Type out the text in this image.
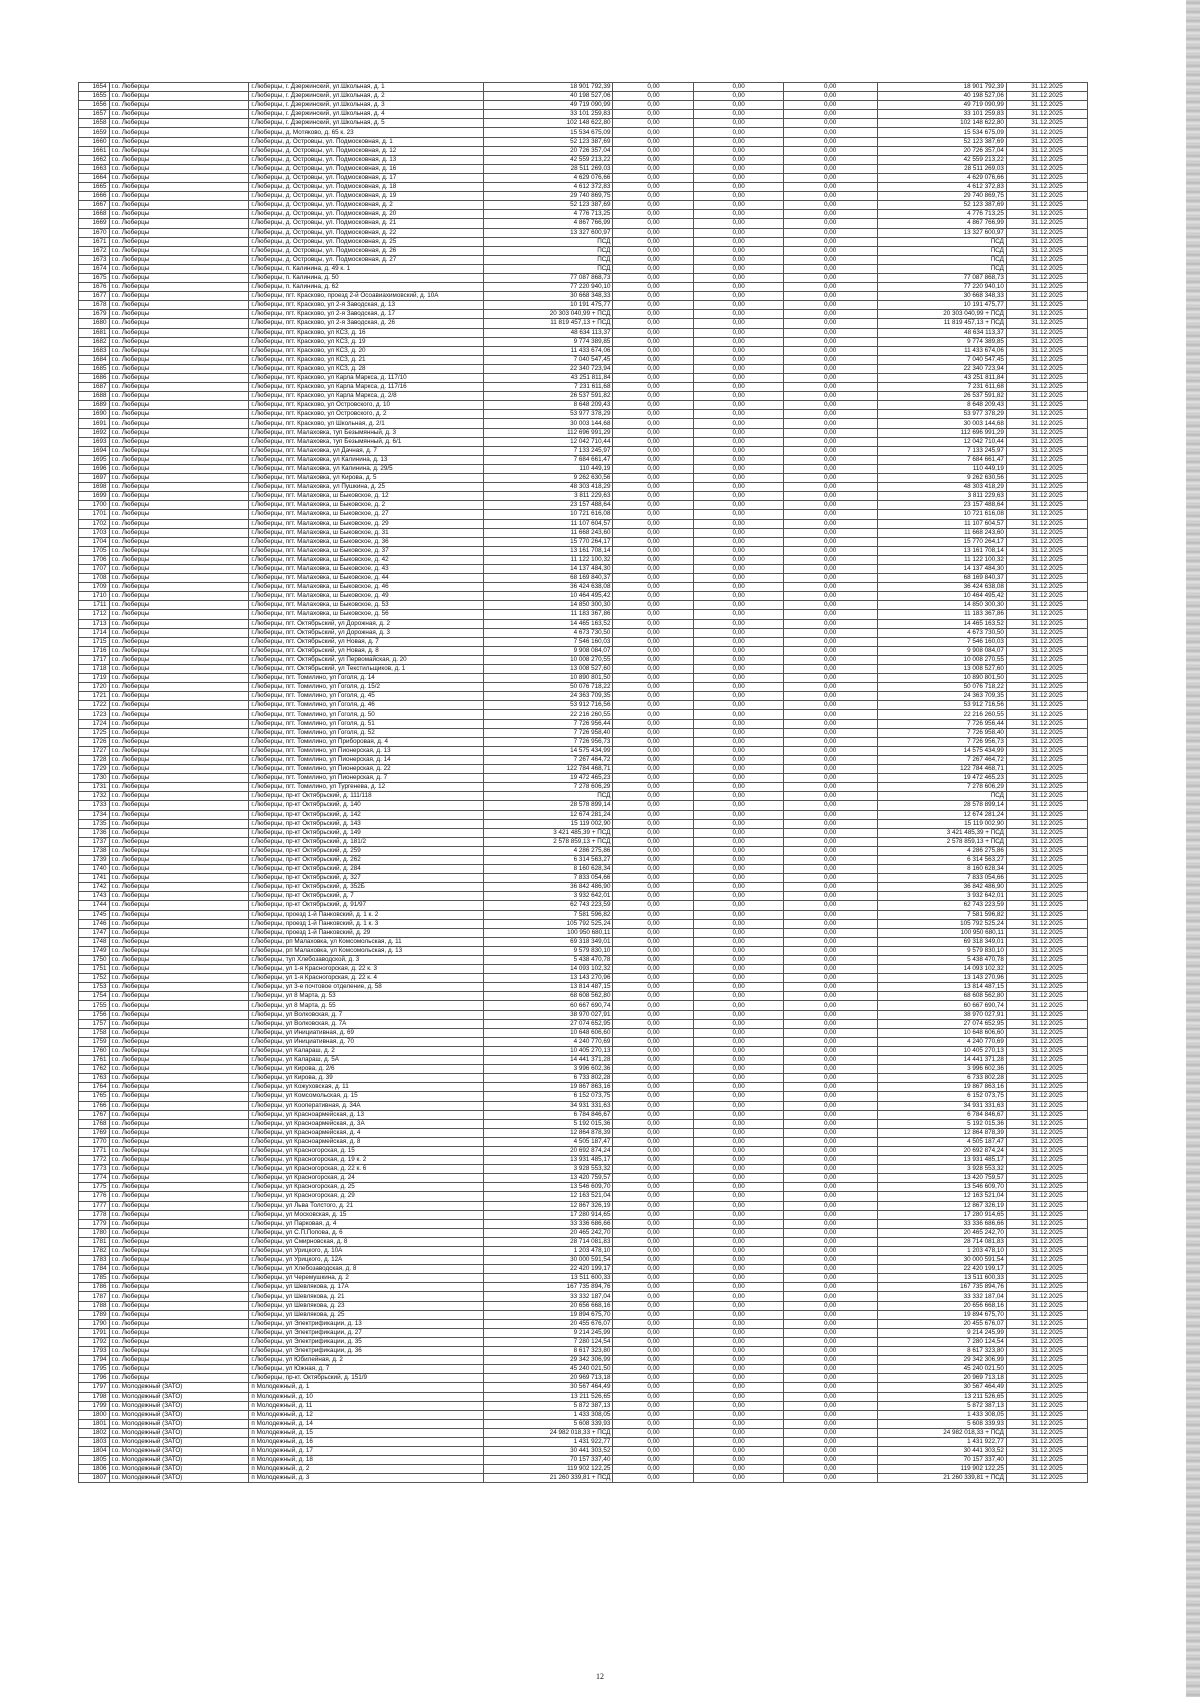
1654	г.о. Люберцы	г.Люберцы, г. Дзержинский, ул.Школьная, д. 1	18 901 792,39	0,00	0,00	0,00	18 901 792,39	31.12.2025
1655	г.о. Люберцы	г.Люберцы, г. Дзержинский, ул.Школьная, д. 2	40 198 527,06	0,00	0,00	0,00	40 198 527,06	31.12.2025
1656	г.о. Люберцы	г.Люберцы, г. Дзержинский, ул.Школьная, д. 3	49 719 090,99	0,00	0,00	0,00	49 719 090,99	31.12.2025
1657	г.о. Люберцы	г.Люберцы, г. Дзержинский, ул.Школьная, д. 4	33 101 259,83	0,00	0,00	0,00	33 101 259,83	31.12.2025
1658	г.о. Люберцы	г.Люберцы, г. Дзержинский, ул.Школьная, д. 5	102 148 622,80	0,00	0,00	0,00	102 148 622,80	31.12.2025
1659	г.о. Люберцы	г.Люберцы, д. Мотяково, д. 65 к. 23	15 534 675,09	0,00	0,00	0,00	15 534 675,09	31.12.2025
1660	г.о. Люберцы	г.Люберцы, д. Островцы, ул. Подмосковная, д. 1	52 123 387,69	0,00	0,00	0,00	52 123 387,69	31.12.2025
1661	г.о. Люберцы	г.Люберцы, д. Островцы, ул. Подмосковная, д. 12	20 726 357,04	0,00	0,00	0,00	20 726 357,04	31.12.2025
1662	г.о. Люберцы	г.Люберцы, д. Островцы, ул. Подмосковная, д. 13	42 559 213,22	0,00	0,00	0,00	42 559 213,22	31.12.2025
1663	г.о. Люберцы	г.Люберцы, д. Островцы, ул. Подмосковная, д. 16	28 511 269,03	0,00	0,00	0,00	28 511 269,03	31.12.2025
1664	г.о. Люберцы	г.Люберцы, д. Островцы, ул. Подмосковная, д. 17	4 629 076,66	0,00	0,00	0,00	4 629 076,66	31.12.2025
1665	г.о. Люберцы	г.Люберцы, д. Островцы, ул. Подмосковная, д. 18	4 612 372,83	0,00	0,00	0,00	4 612 372,83	31.12.2025
1666	г.о. Люберцы	г.Люберцы, д. Островцы, ул. Подмосковная, д. 19	29 740 869,75	0,00	0,00	0,00	29 740 869,75	31.12.2025
1667	г.о. Люберцы	г.Люберцы, д. Островцы, ул. Подмосковная, д. 2	52 123 387,69	0,00	0,00	0,00	52 123 387,69	31.12.2025
1668	г.о. Люберцы	г.Люберцы, д. Островцы, ул. Подмосковная, д. 20	4 776 713,25	0,00	0,00	0,00	4 776 713,25	31.12.2025
1669	г.о. Люберцы	г.Люберцы, д. Островцы, ул. Подмосковная, д. 21	4 867 766,99	0,00	0,00	0,00	4 867 766,99	31.12.2025
1670	г.о. Люберцы	г.Люберцы, д. Островцы, ул. Подмосковная, д. 22	13 327 600,97	0,00	0,00	0,00	13 327 600,97	31.12.2025
1671	г.о. Люберцы	г.Люберцы, д. Островцы, ул. Подмосковная, д. 25	ПСД	0,00	0,00	0,00	ПСД	31.12.2025
1672	г.о. Люберцы	г.Люберцы, д. Островцы, ул. Подмосковная, д. 26	ПСД	0,00	0,00	0,00	ПСД	31.12.2025
1673	г.о. Люберцы	г.Люберцы, д. Островцы, ул. Подмосковная, д. 27	ПСД	0,00	0,00	0,00	ПСД	31.12.2025
1674	г.о. Люберцы	г.Люберцы, п. Калинина, д. 49 к. 1	ПСД	0,00	0,00	0,00	ПСД	31.12.2025
1675	г.о. Люберцы	г.Люберцы, п. Калинина, д. 50	77 087 868,73	0,00	0,00	0,00	77 087 868,73	31.12.2025
1676	г.о. Люберцы	г.Люберцы, п. Калинина, д. 62	77 220 940,10	0,00	0,00	0,00	77 220 940,10	31.12.2025
1677	г.о. Люберцы	г.Люберцы, пгт. Красково, проезд 2-й Осоавиахимовский, д. 10А	30 668 348,33	0,00	0,00	0,00	30 668 348,33	31.12.2025
1678	г.о. Люберцы	г.Люберцы, пгт. Красково, ул 2-я Заводская, д. 13	10 191 475,77	0,00	0,00	0,00	10 191 475,77	31.12.2025
1679	г.о. Люберцы	г.Люберцы, пгт. Красково, ул 2-я Заводская, д. 17	20 303 040,99 + ПСД	0,00	0,00	0,00	20 303 040,99 + ПСД	31.12.2025
1680	г.о. Люберцы	г.Люберцы, пгт. Красково, ул 2-я Заводская, д. 26	11 819 457,13 + ПСД	0,00	0,00	0,00	11 819 457,13 + ПСД	31.12.2025
1681	г.о. Люберцы	г.Люберцы, пгт. Красково, ул КСЗ, д. 16	48 634 113,37	0,00	0,00	0,00	48 634 113,37	31.12.2025
1682	г.о. Люберцы	г.Люберцы, пгт. Красково, ул КСЗ, д. 19	9 774 389,85	0,00	0,00	0,00	9 774 389,85	31.12.2025
1683	г.о. Люберцы	г.Люберцы, пгт. Красково, ул КСЗ, д. 20	11 433 674,06	0,00	0,00	0,00	11 433 674,06	31.12.2025
1684	г.о. Люберцы	г.Люберцы, пгт. Красково, ул КСЗ, д. 21	7 040 547,45	0,00	0,00	0,00	7 040 547,45	31.12.2025
1685	г.о. Люберцы	г.Люберцы, пгт. Красково, ул КСЗ, д. 28	22 340 723,94	0,00	0,00	0,00	22 340 723,94	31.12.2025
1686	г.о. Люберцы	г.Люберцы, пгт. Красково, ул Карла Маркса, д. 117/10	43 251 811,84	0,00	0,00	0,00	43 251 811,84	31.12.2025
1687	г.о. Люберцы	г.Люберцы, пгт. Красково, ул Карла Маркса, д. 117/16	7 231 611,68	0,00	0,00	0,00	7 231 611,68	31.12.2025
1688	г.о. Люберцы	г.Люберцы, пгт. Красково, ул Карла Маркса, д. 2/8	26 537 591,82	0,00	0,00	0,00	26 537 591,82	31.12.2025
1689	г.о. Люберцы	г.Люберцы, пгт. Красково, ул Островского, д. 10	8 648 209,43	0,00	0,00	0,00	8 648 209,43	31.12.2025
1690	г.о. Люберцы	г.Люберцы, пгт. Красково, ул Островского, д. 2	53 977 378,29	0,00	0,00	0,00	53 977 378,29	31.12.2025
1691	г.о. Люберцы	г.Люберцы, пгт. Красково, ул Школьная, д. 2/1	30 003 144,68	0,00	0,00	0,00	30 003 144,68	31.12.2025
1692	г.о. Люберцы	г.Люберцы, пгт. Малаховка, туп Безымянный, д. 3	112 696 991,29	0,00	0,00	0,00	112 696 991,29	31.12.2025
1693	г.о. Люберцы	г.Люберцы, пгт. Малаховка, туп Безымянный, д. 6/1	12 042 710,44	0,00	0,00	0,00	12 042 710,44	31.12.2025
1694	г.о. Люберцы	г.Люберцы, пгт. Малаховка, ул Дачная, д. 7	7 133 245,97	0,00	0,00	0,00	7 133 245,97	31.12.2025
1695	г.о. Люберцы	г.Люберцы, пгт. Малаховка, ул Калинина, д. 13	7 684 661,47	0,00	0,00	0,00	7 684 661,47	31.12.2025
1696	г.о. Люберцы	г.Люберцы, пгт. Малаховка, ул Калинина, д. 29/5	110 449,19	0,00	0,00	0,00	110 449,19	31.12.2025
1697	г.о. Люберцы	г.Люберцы, пгт. Малаховка, ул Кирова, д. 5	9 262 630,56	0,00	0,00	0,00	9 262 630,56	31.12.2025
1698	г.о. Люберцы	г.Люберцы, пгт. Малаховка, ул Пушкина, д. 25	48 303 418,29	0,00	0,00	0,00	48 303 418,29	31.12.2025
1699	г.о. Люберцы	г.Люберцы, пгт. Малаховка, ш Быковское, д. 12	3 811 229,63	0,00	0,00	0,00	3 811 229,63	31.12.2025
1700	г.о. Люберцы	г.Люберцы, пгт. Малаховка, ш Быковское, д. 2	23 157 488,64	0,00	0,00	0,00	23 157 488,64	31.12.2025
1701	г.о. Люберцы	г.Люберцы, пгт. Малаховка, ш Быковское, д. 27	10 721 616,08	0,00	0,00	0,00	10 721 616,08	31.12.2025
1702	г.о. Люберцы	г.Люберцы, пгт. Малаховка, ш Быковское, д. 29	11 107 604,57	0,00	0,00	0,00	11 107 604,57	31.12.2025
1703	г.о. Люберцы	г.Люберцы, пгт. Малаховка, ш Быковское, д. 31	11 668 243,60	0,00	0,00	0,00	11 668 243,60	31.12.2025
1704	г.о. Люберцы	г.Люберцы, пгт. Малаховка, ш Быковское, д. 36	15 770 264,17	0,00	0,00	0,00	15 770 264,17	31.12.2025
1705	г.о. Люберцы	г.Люберцы, пгт. Малаховка, ш Быковское, д. 37	13 161 708,14	0,00	0,00	0,00	13 161 708,14	31.12.2025
1706	г.о. Люберцы	г.Люберцы, пгт. Малаховка, ш Быковское, д. 42	11 122 100,32	0,00	0,00	0,00	11 122 100,32	31.12.2025
1707	г.о. Люберцы	г.Люберцы, пгт. Малаховка, ш Быковское, д. 43	14 137 484,30	0,00	0,00	0,00	14 137 484,30	31.12.2025
1708	г.о. Люберцы	г.Люберцы, пгт. Малаховка, ш Быковское, д. 44	68 169 840,37	0,00	0,00	0,00	68 169 840,37	31.12.2025
1709	г.о. Люберцы	г.Люберцы, пгт. Малаховка, ш Быковское, д. 46	36 424 638,08	0,00	0,00	0,00	36 424 638,08	31.12.2025
1710	г.о. Люберцы	г.Люберцы, пгт. Малаховка, ш Быковское, д. 49	10 464 495,42	0,00	0,00	0,00	10 464 495,42	31.12.2025
1711	г.о. Люберцы	г.Люберцы, пгт. Малаховка, ш Быковское, д. 53	14 850 300,30	0,00	0,00	0,00	14 850 300,30	31.12.2025
1712	г.о. Люберцы	г.Люберцы, пгт. Малаховка, ш Быковское, д. 56	11 183 367,86	0,00	0,00	0,00	11 183 367,86	31.12.2025
1713	г.о. Люберцы	г.Люберцы, пгт. Октябрьский, ул Дорожная, д. 2	14 465 163,52	0,00	0,00	0,00	14 465 163,52	31.12.2025
1714	г.о. Люберцы	г.Люберцы, пгт. Октябрьский, ул Дорожная, д. 3	4 673 730,50	0,00	0,00	0,00	4 673 730,50	31.12.2025
1715	г.о. Люберцы	г.Люберцы, пгт. Октябрьский, ул Новая, д. 7	7 546 160,03	0,00	0,00	0,00	7 546 160,03	31.12.2025
1716	г.о. Люберцы	г.Люберцы, пгт. Октябрьский, ул Новая, д. 8	9 908 084,07	0,00	0,00	0,00	9 908 084,07	31.12.2025
1717	г.о. Люберцы	г.Люберцы, пгт. Октябрьский, ул Первомайская, д. 20	10 008 270,55	0,00	0,00	0,00	10 008 270,55	31.12.2025
1718	г.о. Люберцы	г.Люберцы, пгт. Октябрьский, ул Текстильщиков, д. 1	13 008 527,60	0,00	0,00	0,00	13 008 527,60	31.12.2025
1719	г.о. Люберцы	г.Люберцы, пгт. Томилино, ул Гоголя, д. 14	10 890 801,50	0,00	0,00	0,00	10 890 801,50	31.12.2025
1720	г.о. Люберцы	г.Люберцы, пгт. Томилино, ул Гоголя, д. 15/2	50 076 718,22	0,00	0,00	0,00	50 076 718,22	31.12.2025
1721	г.о. Люберцы	г.Люберцы, пгт. Томилино, ул Гоголя, д. 45	24 363 709,35	0,00	0,00	0,00	24 363 709,35	31.12.2025
1722	г.о. Люберцы	г.Люберцы, пгт. Томилино, ул Гоголя, д. 46	53 912 716,56	0,00	0,00	0,00	53 912 716,56	31.12.2025
1723	г.о. Люберцы	г.Люберцы, пгт. Томилино, ул Гоголя, д. 50	22 216 260,55	0,00	0,00	0,00	22 216 260,55	31.12.2025
1724	г.о. Люберцы	г.Люберцы, пгт. Томилино, ул Гоголя, д. 51	7 726 956,44	0,00	0,00	0,00	7 726 956,44	31.12.2025
1725	г.о. Люберцы	г.Люберцы, пгт. Томилино, ул Гоголя, д. 52	7 726 958,40	0,00	0,00	0,00	7 726 958,40	31.12.2025
1726	г.о. Люберцы	г.Люберцы, пгт. Томилино, ул Приборовая, д. 4	7 726 956,73	0,00	0,00	0,00	7 726 956,73	31.12.2025
1727	г.о. Люберцы	г.Люберцы, пгт. Томилино, ул Пионерская, д. 13	14 575 434,99	0,00	0,00	0,00	14 575 434,99	31.12.2025
1728	г.о. Люберцы	г.Люберцы, пгт. Томилино, ул Пионерская, д. 14	7 267 464,72	0,00	0,00	0,00	7 267 464,72	31.12.2025
1729	г.о. Люберцы	г.Люберцы, пгт. Томилино, ул Пионерская, д. 22	122 784 468,71	0,00	0,00	0,00	122 784 468,71	31.12.2025
1730	г.о. Люберцы	г.Люберцы, пгт. Томилино, ул Пионерская, д. 7	19 472 465,23	0,00	0,00	0,00	19 472 465,23	31.12.2025
1731	г.о. Люберцы	г.Люберцы, пгт. Томилино, ул Тургенева, д. 12	7 278 606,29	0,00	0,00	0,00	7 278 606,29	31.12.2025
1732	г.о. Люберцы	г.Люберцы, пр-кт Октябрьский, д. 111/118	ПСД	0,00	0,00	0,00	ПСД	31.12.2025
1733	г.о. Люберцы	г.Люберцы, пр-кт Октябрьский, д. 140	28 578 899,14	0,00	0,00	0,00	28 578 899,14	31.12.2025
1734	г.о. Люберцы	г.Люберцы, пр-кт Октябрьский, д. 142	12 674 281,24	0,00	0,00	0,00	12 674 281,24	31.12.2025
1735	г.о. Люберцы	г.Люберцы, пр-кт Октябрьский, д. 143	15 119 002,90	0,00	0,00	0,00	15 119 002,90	31.12.2025
1736	г.о. Люберцы	г.Люберцы, пр-кт Октябрьский, д. 149	3 421 485,39 + ПСД	0,00	0,00	0,00	3 421 485,39 + ПСД	31.12.2025
1737	г.о. Люберцы	г.Люберцы, пр-кт Октябрьский, д. 181/2	2 578 859,13 + ПСД	0,00	0,00	0,00	2 578 859,13 + ПСД	31.12.2025
1738	г.о. Люберцы	г.Люберцы, пр-кт Октябрьский, д. 259	4 286 275,86	0,00	0,00	0,00	4 286 275,86	31.12.2025
1739	г.о. Люберцы	г.Люберцы, пр-кт Октябрьский, д. 262	6 314 563,27	0,00	0,00	0,00	6 314 563,27	31.12.2025
1740	г.о. Люберцы	г.Люберцы, пр-кт Октябрьский, д. 284	8 160 628,34	0,00	0,00	0,00	8 160 628,34	31.12.2025
1741	г.о. Люберцы	г.Люберцы, пр-кт Октябрьский, д. 327	7 833 054,66	0,00	0,00	0,00	7 833 054,66	31.12.2025
1742	г.о. Люберцы	г.Люберцы, пр-кт Октябрьский, д. 352Б	36 842 486,90	0,00	0,00	0,00	36 842 486,90	31.12.2025
1743	г.о. Люберцы	г.Люберцы, пр-кт Октябрьский, д. 7	3 932 642,01	0,00	0,00	0,00	3 932 642,01	31.12.2025
1744	г.о. Люберцы	г.Люберцы, пр-кт Октябрьский, д. 91/97	62 743 223,59	0,00	0,00	0,00	62 743 223,59	31.12.2025
1745	г.о. Люберцы	г.Люберцы, проезд 1-й Панковский, д. 1 к. 2	7 581 596,82	0,00	0,00	0,00	7 581 596,82	31.12.2025
1746	г.о. Люберцы	г.Люберцы, проезд 1-й Панковский, д. 1 к. 3	105 792 525,24	0,00	0,00	0,00	105 792 525,24	31.12.2025
1747	г.о. Люберцы	г.Люберцы, проезд 1-й Панковский, д. 29	100 950 680,11	0,00	0,00	0,00	100 950 680,11	31.12.2025
1748	г.о. Люберцы	г.Люберцы, рп Малаховка, ул Комсомольская, д. 11	69 318 349,01	0,00	0,00	0,00	69 318 349,01	31.12.2025
1749	г.о. Люберцы	г.Люберцы, рп Малаховка, ул Комсомольская, д. 13	9 579 830,10	0,00	0,00	0,00	9 579 830,10	31.12.2025
1750	г.о. Люберцы	г.Люберцы, туп Хлебозаводской, д. 3	5 438 470,78	0,00	0,00	0,00	5 438 470,78	31.12.2025
1751	г.о. Люберцы	г.Люберцы, ул 1-я Красногорская, д. 22 к. 3	14 093 102,32	0,00	0,00	0,00	14 093 102,32	31.12.2025
1752	г.о. Люберцы	г.Люберцы, ул 1-я Красногорская, д. 22 к. 4	13 143 270,96	0,00	0,00	0,00	13 143 270,96	31.12.2025
1753	г.о. Люберцы	г.Люберцы, ул 3-е почтовое отделение, д. 58	13 814 487,15	0,00	0,00	0,00	13 814 487,15	31.12.2025
1754	г.о. Люберцы	г.Люберцы, ул 8 Марта, д. 53	68 608 562,80	0,00	0,00	0,00	68 608 562,80	31.12.2025
1755	г.о. Люберцы	г.Люберцы, ул 8 Марта, д. 55	60 667 690,74	0,00	0,00	0,00	60 667 690,74	31.12.2025
1756	г.о. Люберцы	г.Люберцы, ул Волковская, д. 7	38 970 027,91	0,00	0,00	0,00	38 970 027,91	31.12.2025
1757	г.о. Люберцы	г.Люберцы, ул Волковская, д. 7А	27 074 652,95	0,00	0,00	0,00	27 074 652,95	31.12.2025
1758	г.о. Люберцы	г.Люберцы, ул Инициативная, д. 69	10 648 606,60	0,00	0,00	0,00	10 648 606,60	31.12.2025
1759	г.о. Люберцы	г.Люберцы, ул Инициативная, д. 70	4 240 770,69	0,00	0,00	0,00	4 240 770,69	31.12.2025
1760	г.о. Люберцы	г.Люберцы, ул Калараш, д. 2	10 405 270,13	0,00	0,00	0,00	10 405 270,13	31.12.2025
1761	г.о. Люберцы	г.Люберцы, ул Калараш, д. 5А	14 441 371,28	0,00	0,00	0,00	14 441 371,28	31.12.2025
1762	г.о. Люберцы	г.Люберцы, ул Кирова, д. 2/6	3 996 602,36	0,00	0,00	0,00	3 996 602,36	31.12.2025
1763	г.о. Люберцы	г.Люберцы, ул Кирова, д. 39	6 733 802,28	0,00	0,00	0,00	6 733 802,28	31.12.2025
1764	г.о. Люберцы	г.Люберцы, ул Кожуховская, д. 11	19 867 863,16	0,00	0,00	0,00	19 867 863,16	31.12.2025
1765	г.о. Люберцы	г.Люберцы, ул Комсомольская, д. 15	6 152 073,75	0,00	0,00	0,00	6 152 073,75	31.12.2025
1766	г.о. Люберцы	г.Люберцы, ул Кооперативная, д. 34А	34 931 331,63	0,00	0,00	0,00	34 931 331,63	31.12.2025
1767	г.о. Люберцы	г.Люберцы, ул Красноармейская, д. 13	6 784 846,67	0,00	0,00	0,00	6 784 846,67	31.12.2025
1768	г.о. Люберцы	г.Люберцы, ул Красноармейская, д. 3А	5 192 015,36	0,00	0,00	0,00	5 192 015,36	31.12.2025
1769	г.о. Люберцы	г.Люберцы, ул Красноармейская, д. 4	12 864 878,39	0,00	0,00	0,00	12 864 878,39	31.12.2025
1770	г.о. Люберцы	г.Люберцы, ул Красноармейская, д. 8	4 505 187,47	0,00	0,00	0,00	4 505 187,47	31.12.2025
1771	г.о. Люберцы	г.Люберцы, ул Красногорская, д. 15	20 692 874,24	0,00	0,00	0,00	20 692 874,24	31.12.2025
1772	г.о. Люберцы	г.Люберцы, ул Красногорская, д. 19 к. 2	13 931 485,17	0,00	0,00	0,00	13 931 485,17	31.12.2025
1773	г.о. Люберцы	г.Люберцы, ул Красногорская, д. 22 к. 6	3 928 553,32	0,00	0,00	0,00	3 928 553,32	31.12.2025
1774	г.о. Люберцы	г.Люберцы, ул Красногорская, д. 24	13 420 759,57	0,00	0,00	0,00	13 420 759,57	31.12.2025
1775	г.о. Люберцы	г.Люберцы, ул Красногорская, д. 25	13 546 609,70	0,00	0,00	0,00	13 546 609,70	31.12.2025
1776	г.о. Люберцы	г.Люберцы, ул Красногорская, д. 29	12 163 521,04	0,00	0,00	0,00	12 163 521,04	31.12.2025
1777	г.о. Люберцы	г.Люберцы, ул Льва Толстого, д. 21	12 867 326,19	0,00	0,00	0,00	12 867 326,19	31.12.2025
1778	г.о. Люберцы	г.Люберцы, ул Московская, д. 15	17 280 914,65	0,00	0,00	0,00	17 280 914,65	31.12.2025
1779	г.о. Люберцы	г.Люберцы, ул Парковая, д. 4	33 336 686,66	0,00	0,00	0,00	33 336 686,66	31.12.2025
1780	г.о. Люберцы	г.Люберцы, ул С.П.Попова, д. 6	20 465 242,70	0,00	0,00	0,00	20 465 242,70	31.12.2025
1781	г.о. Люберцы	г.Люберцы, ул Смирновская, д. 8	28 714 081,83	0,00	0,00	0,00	28 714 081,83	31.12.2025
1782	г.о. Люберцы	г.Люберцы, ул Урицкого, д. 10А	1 203 478,10	0,00	0,00	0,00	1 203 478,10	31.12.2025
1783	г.о. Люберцы	г.Люберцы, ул Урицкого, д. 12А	30 000 591,54	0,00	0,00	0,00	30 000 591,54	31.12.2025
1784	г.о. Люберцы	г.Люберцы, ул Хлебозаводская, д. 8	22 420 199,17	0,00	0,00	0,00	22 420 199,17	31.12.2025
1785	г.о. Люберцы	г.Люберцы, ул Черемушкина, д. 2	13 511 600,33	0,00	0,00	0,00	13 511 600,33	31.12.2025
1786	г.о. Люберцы	г.Люберцы, ул Шевлякова, д. 17А	167 735 894,76	0,00	0,00	0,00	167 735 894,76	31.12.2025
1787	г.о. Люберцы	г.Люберцы, ул Шевлякова, д. 21	33 332 187,04	0,00	0,00	0,00	33 332 187,04	31.12.2025
1788	г.о. Люберцы	г.Люберцы, ул Шевлякова, д. 23	20 656 668,16	0,00	0,00	0,00	20 656 668,16	31.12.2025
1789	г.о. Люберцы	г.Люберцы, ул Шевлякова, д. 25	19 894 675,70	0,00	0,00	0,00	19 894 675,70	31.12.2025
1790	г.о. Люберцы	г.Люберцы, ул Электрификации, д. 13	20 455 676,07	0,00	0,00	0,00	20 455 676,07	31.12.2025
1791	г.о. Люберцы	г.Люберцы, ул Электрификации, д. 27	9 214 245,99	0,00	0,00	0,00	9 214 245,99	31.12.2025
1792	г.о. Люберцы	г.Люберцы, ул Электрификации, д. 35	7 280 124,54	0,00	0,00	0,00	7 280 124,54	31.12.2025
1793	г.о. Люберцы	г.Люберцы, ул Электрификации, д. 36	8 617 323,80	0,00	0,00	0,00	8 617 323,80	31.12.2025
1794	г.о. Люберцы	г.Люберцы, ул Юбилейная, д. 2	29 342 306,99	0,00	0,00	0,00	29 342 306,99	31.12.2025
1795	г.о. Люберцы	г.Люберцы, ул Южная, д. 7	45 240 021,50	0,00	0,00	0,00	45 240 021,50	31.12.2025
1796	г.о. Люберцы	г.Люберцы, пр-кт. Октябрьский, д. 151/9	20 969 713,18	0,00	0,00	0,00	20 969 713,18	31.12.2025
1797	г.о. Молодежный (ЗАТО)	п Молодежный, д. 1	30 567 464,49	0,00	0,00	0,00	30 567 464,49	31.12.2025
1798	г.о. Молодежный (ЗАТО)	п Молодежный, д. 10	13 211 526,65	0,00	0,00	0,00	13 211 526,65	31.12.2025
1799	г.о. Молодежный (ЗАТО)	п Молодежный, д. 11	5 872 387,13	0,00	0,00	0,00	5 872 387,13	31.12.2025
1800	г.о. Молодежный (ЗАТО)	п Молодежный, д. 12	1 433 308,05	0,00	0,00	0,00	1 433 308,05	31.12.2025
1801	г.о. Молодежный (ЗАТО)	п Молодежный, д. 14	5 608 339,93	0,00	0,00	0,00	5 608 339,93	31.12.2025
1802	г.о. Молодежный (ЗАТО)	п Молодежный, д. 15	24 982 018,33 + ПСД	0,00	0,00	0,00	24 982 018,33 + ПСД	31.12.2025
1803	г.о. Молодежный (ЗАТО)	п Молодежный, д. 16	1 431 922,77	0,00	0,00	0,00	1 431 922,77	31.12.2025
1804	г.о. Молодежный (ЗАТО)	п Молодежный, д. 17	30 441 303,52	0,00	0,00	0,00	30 441 303,52	31.12.2025
1805	г.о. Молодежный (ЗАТО)	п Молодежный, д. 18	70 157 337,40	0,00	0,00	0,00	70 157 337,40	31.12.2025
1806	г.о. Молодежный (ЗАТО)	п Молодежный, д. 2	119 902 122,25	0,00	0,00	0,00	119 902 122,25	31.12.2025
1807	г.о. Молодежный (ЗАТО)	п Молодежный, д. 3	21 260 339,81 + ПСД	0,00	0,00	0,00	21 260 339,81 + ПСД	31.12.2025
12
